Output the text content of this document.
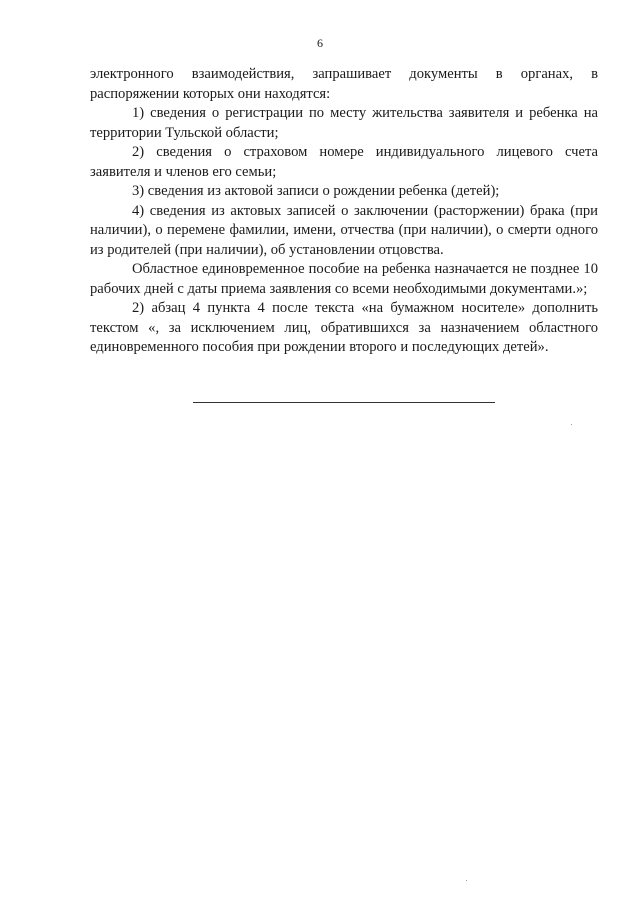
6

электронного взаимодействия, запрашивает документы в органах, в распоряжении которых они находятся:

1) сведения о регистрации по месту жительства заявителя и ребенка на территории Тульской области;

2) сведения о страховом номере индивидуального лицевого счета заявителя и членов его семьи;

3) сведения из актовой записи о рождении ребенка (детей);

4) сведения из актовых записей о заключении (расторжении) брака (при наличии), о перемене фамилии, имени, отчества (при наличии), о смерти одного из родителей (при наличии), об установлении отцовства.

Областное единовременное пособие на ребенка назначается не позднее 10 рабочих дней с даты приема заявления со всеми необходимыми документами.»;

2) абзац 4 пункта 4 после текста «на бумажном носителе» дополнить текстом «, за исключением лиц, обратившихся за назначением областного единовременного пособия при рождении второго и последующих детей».
